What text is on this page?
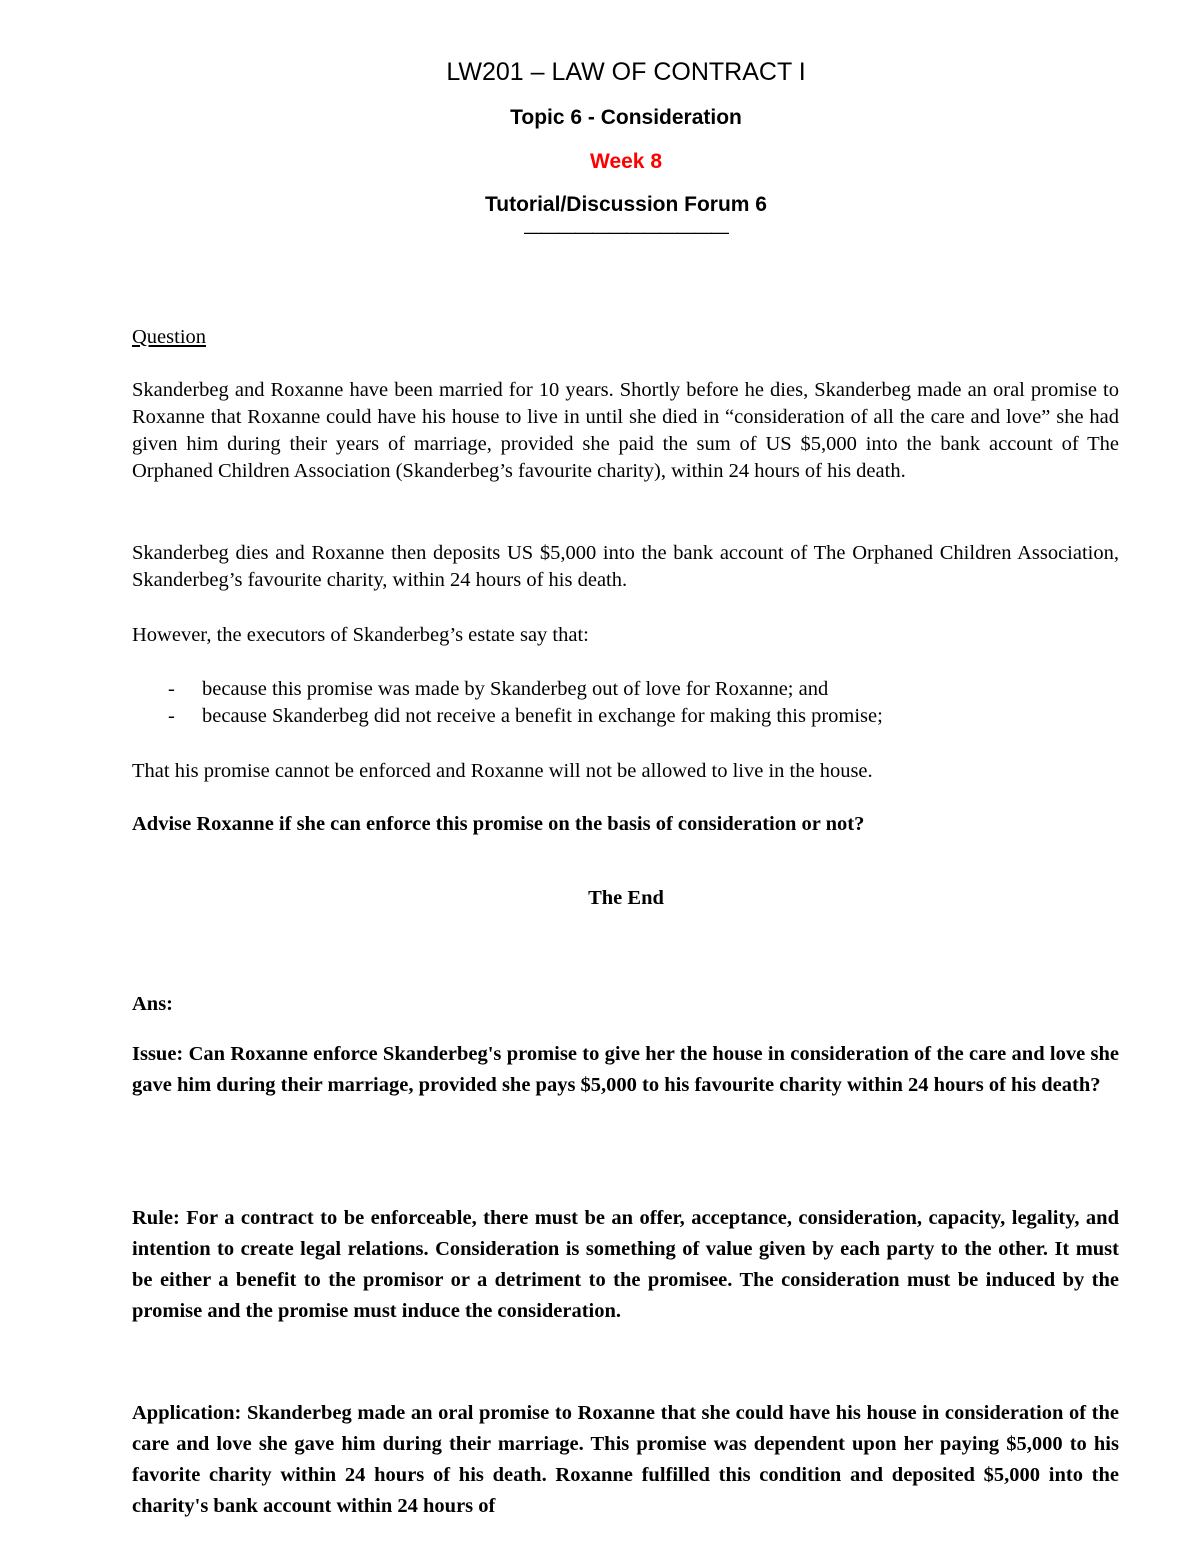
LW201 – LAW OF CONTRACT I
Topic 6 - Consideration
Week 8
Tutorial/Discussion Forum 6
————————————
Question

Skanderbeg and Roxanne have been married for 10 years. Shortly before he dies, Skanderbeg made an oral promise to Roxanne that Roxanne could have his house to live in until she died in “consideration of all the care and love” she had given him during their years of marriage, provided she paid the sum of US $5,000 into the bank account of The Orphaned Children Association (Skanderbeg’s favourite charity), within 24 hours of his death.

Skanderbeg dies and Roxanne then deposits US $5,000 into the bank account of The Orphaned Children Association, Skanderbeg’s favourite charity, within 24 hours of his death.

However, the executors of Skanderbeg’s estate say that:

- because this promise was made by Skanderbeg out of love for Roxanne; and
- because Skanderbeg did not receive a benefit in exchange for making this promise;

That his promise cannot be enforced and Roxanne will not be allowed to live in the house.

Advise Roxanne if she can enforce this promise on the basis of consideration or not?
The End
Ans:
Issue: Can Roxanne enforce Skanderbeg's promise to give her the house in consideration of the care and love she gave him during their marriage, provided she pays $5,000 to his favourite charity within 24 hours of his death?
Rule: For a contract to be enforceable, there must be an offer, acceptance, consideration, capacity, legality, and intention to create legal relations. Consideration is something of value given by each party to the other. It must be either a benefit to the promisor or a detriment to the promisee. The consideration must be induced by the promise and the promise must induce the consideration.
Application: Skanderbeg made an oral promise to Roxanne that she could have his house in consideration of the care and love she gave him during their marriage. This promise was dependent upon her paying $5,000 to his favorite charity within 24 hours of his death. Roxanne fulfilled this condition and deposited $5,000 into the charity's bank account within 24 hours of
